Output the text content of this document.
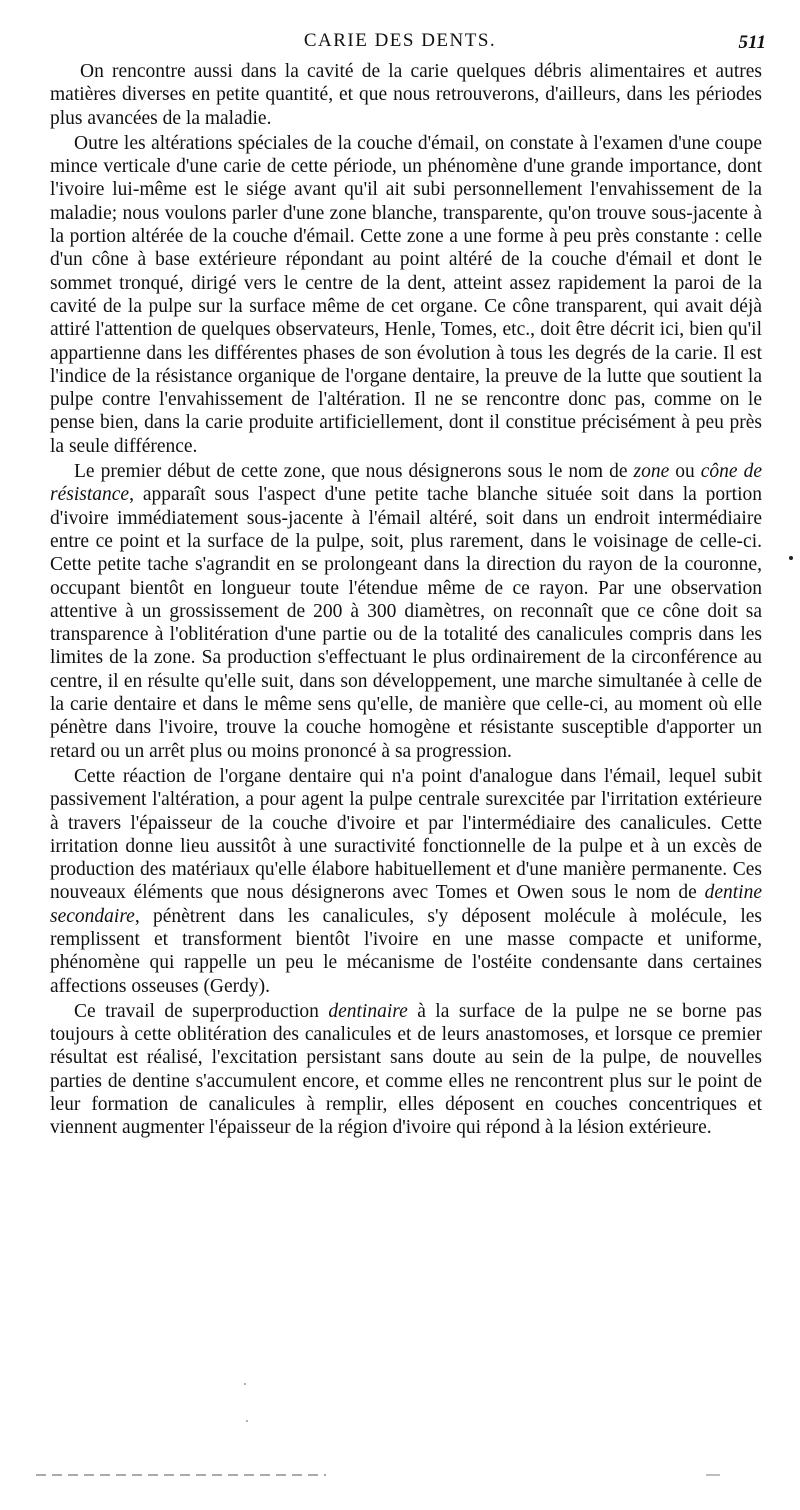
CARIE DES DENTS.	511

On rencontre aussi dans la cavité de la carie quelques débris alimentaires et autres matières diverses en petite quantité, et que nous retrouverons, d'ailleurs, dans les périodes plus avancées de la maladie.

Outre les altérations spéciales de la couche d'émail, on constate à l'examen d'une coupe mince verticale d'une carie de cette période, un phénomène d'une grande importance, dont l'ivoire lui-même est le siége avant qu'il ait subi personnellement l'envahissement de la maladie; nous voulons parler d'une zone blanche, transparente, qu'on trouve sous-jacente à la portion altérée de la couche d'émail. Cette zone a une forme à peu près constante : celle d'un cône à base extérieure répondant au point altéré de la couche d'émail et dont le sommet tronqué, dirigé vers le centre de la dent, atteint assez rapidement la paroi de la cavité de la pulpe sur la surface même de cet organe. Ce cône transparent, qui avait déjà attiré l'attention de quelques observateurs, Henle, Tomes, etc., doit être décrit ici, bien qu'il appartienne dans les différentes phases de son évolution à tous les degrés de la carie. Il est l'indice de la résistance organique de l'organe dentaire, la preuve de la lutte que soutient la pulpe contre l'envahissement de l'altération. Il ne se rencontre donc pas, comme on le pense bien, dans la carie produite artificiellement, dont il constitue précisément à peu près la seule différence.

Le premier début de cette zone, que nous désignerons sous le nom de zone ou cône de résistance, apparaît sous l'aspect d'une petite tache blanche située soit dans la portion d'ivoire immédiatement sous-jacente à l'émail altéré, soit dans un endroit intermédiaire entre ce point et la surface de la pulpe, soit, plus rarement, dans le voisinage de celle-ci. Cette petite tache s'agrandit en se prolongeant dans la direction du rayon de la couronne, occupant bientôt en longueur toute l'étendue même de ce rayon. Par une observation attentive à un grossissement de 200 à 300 diamètres, on reconnaît que ce cône doit sa transparence à l'oblitération d'une partie ou de la totalité des canalicules compris dans les limites de la zone. Sa production s'effectuant le plus ordinairement de la circonférence au centre, il en résulte qu'elle suit, dans son développement, une marche simultanée à celle de la carie dentaire et dans le même sens qu'elle, de manière que celle-ci, au moment où elle pénètre dans l'ivoire, trouve la couche homogène et résistante susceptible d'apporter un retard ou un arrêt plus ou moins prononcé à sa progression.

Cette réaction de l'organe dentaire qui n'a point d'analogue dans l'émail, lequel subit passivement l'altération, a pour agent la pulpe centrale surexcitée par l'irritation extérieure à travers l'épaisseur de la couche d'ivoire et par l'intermédiaire des canalicules. Cette irritation donne lieu aussitôt à une suractivité fonctionnelle de la pulpe et à un excès de production des matériaux qu'elle élabore habituellement et d'une manière permanente. Ces nouveaux éléments que nous désignerons avec Tomes et Owen sous le nom de dentine secondaire, pénètrent dans les canalicules, s'y déposent molécule à molécule, les remplissent et transforment bientôt l'ivoire en une masse compacte et uniforme, phénomène qui rappelle un peu le mécanisme de l'ostéite condensante dans certaines affections osseuses (Gerdy).

Ce travail de superproduction dentinaire à la surface de la pulpe ne se borne pas toujours à cette oblitération des canalicules et de leurs anastomoses, et lorsque ce premier résultat est réalisé, l'excitation persistant sans doute au sein de la pulpe, de nouvelles parties de dentine s'accumulent encore, et comme elles ne rencontrent plus sur le point de leur formation de canalicules à remplir, elles déposent en couches concentriques et viennent augmenter l'épaisseur de la région d'ivoire qui répond à la lésion extérieure.
